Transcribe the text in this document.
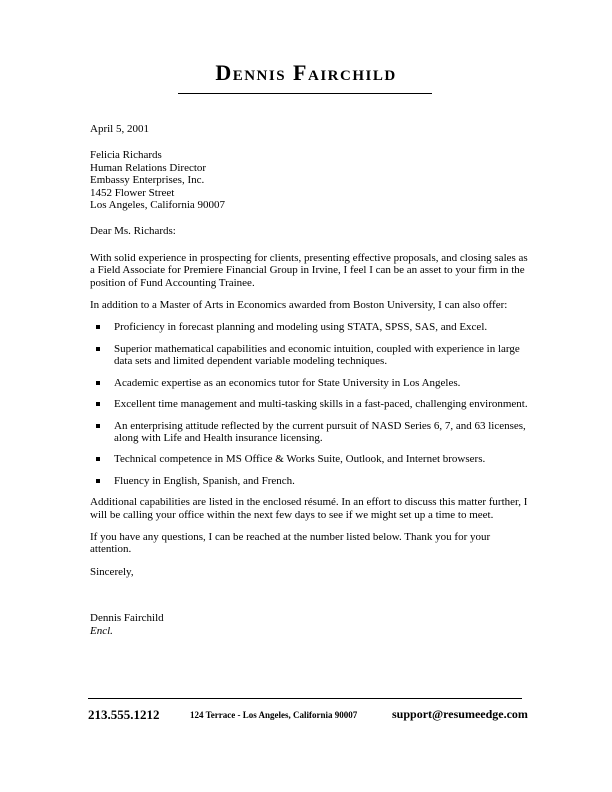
Dennis Fairchild

April 5, 2001

Felicia Richards
Human Relations Director
Embassy Enterprises, Inc.
1452 Flower Street
Los Angeles, California 90007

Dear Ms. Richards:

With solid experience in prospecting for clients, presenting effective proposals, and closing sales as a Field Associate for Premiere Financial Group in Irvine, I feel I can be an asset to your firm in the position of Fund Accounting Trainee.

In addition to a Master of Arts in Economics awarded from Boston University, I can also offer:

Proficiency in forecast planning and modeling using STATA, SPSS, SAS, and Excel.
Superior mathematical capabilities and economic intuition, coupled with experience in large data sets and limited dependent variable modeling techniques.
Academic expertise as an economics tutor for State University in Los Angeles.
Excellent time management and multi-tasking skills in a fast-paced, challenging environment.
An enterprising attitude reflected by the current pursuit of NASD Series 6, 7, and 63 licenses, along with Life and Health insurance licensing.
Technical competence in MS Office & Works Suite, Outlook, and Internet browsers.
Fluency in English, Spanish, and French.

Additional capabilities are listed in the enclosed résumé. In an effort to discuss this matter further, I will be calling your office within the next few days to see if we might set up a time to meet.

If you have any questions, I can be reached at the number listed below. Thank you for your attention.

Sincerely,

Dennis Fairchild
Encl.
213.555.1212	124 Terrace - Los Angeles, California 90007	support@resumeedge.com
